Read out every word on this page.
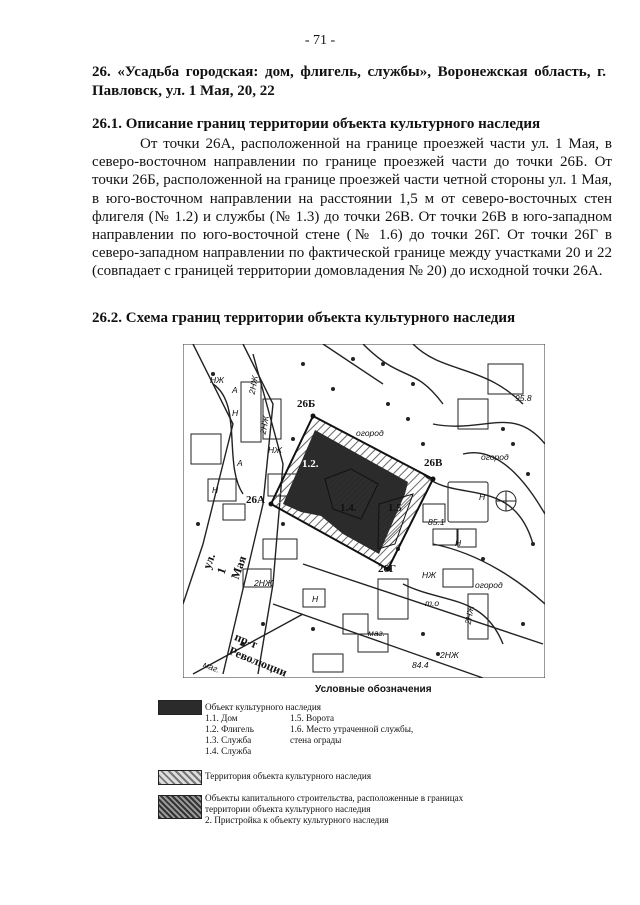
- 71 -
26. «Усадьба городская: дом, флигель, службы», Воронежская область, г. Павловск, ул. 1 Мая, 20, 22
26.1. Описание границ территории объекта культурного наследия

От точки 26А, расположенной на границе проезжей части ул. 1 Мая, в северо-восточном направлении по границе проезжей части до точки 26Б. От точки 26Б, расположенной на границе проезжей части четной стороны ул. 1 Мая, в юго-восточном направлении на расстоянии 1,5 м от северо-восточных стен флигеля (№ 1.2) и службы (№ 1.3) до точки 26В. От точки 26В в юго-западном направлении по юго-восточной стене (№ 1.6) до точки 26Г. От точки 26Г в северо-западном направлении по фактической границе между участками 20 и 22 (совпадает с границей территории домовладения № 20) до исходной точки 26А.

26.2. Схема границ территории объекта культурного наследия
26А
26Б
26В
26Г
1.2.
1.4.	1.5
ул. 1 Мая
пр-т Революции
огород
огород
огород
2НЖ
2НЖ
2НЖ
2НЖ
2НЖ
НЖ
НЖ
НЖ
Н
Н
Н
Н
Н
маг.
маг.
т.о
85.1
84.4
95.8
А
А
Условные обозначения
Объект культурного наследия
1.1. Дом
1.2. Флигель
1.3. Служба
1.4. Служба
1.5. Ворота
1.6. Место утраченной службы,
стена ограды
Территория объекта культурного наследия
Объекты капитального строительства, расположенные в границах
территории объекта культурного наследия
2. Пристройка к объекту культурного наследия
